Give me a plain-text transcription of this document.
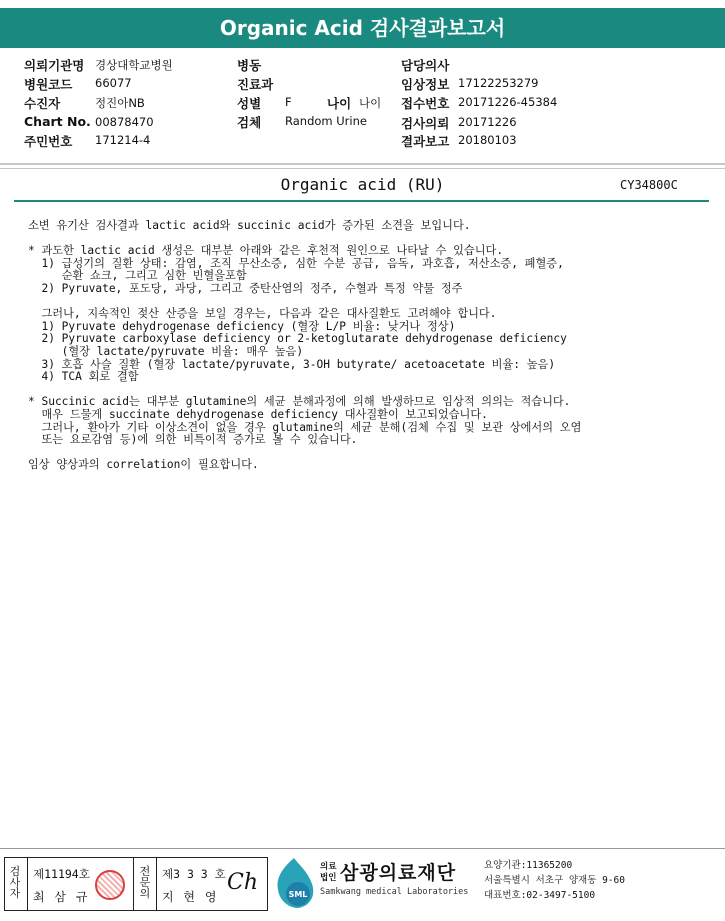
Organic Acid 검사결과보고서
의뢰기관명 경상대학교병원
병원코드 66077
수진자	정진아NB
Chart No. 00878470
주민번호 171214-4
병동
진료과
성별 F	나이 나이
검체 Random Urine
담당의사
임상정보 17122253279
접수번호 20171226-45384
검사의뢰 20171226
결과보고 20180103
Organic acid (RU)	CY34800C
소변 유기산 검사결과 lactic acid와 succinic acid가 증가된 소견을 보입니다.
* 과도한 lactic acid 생성은 대부분 아래와 같은 후천적 원인으로 나타날 수 있습니다.
1) 급성기의 질환 상태: 감염, 조직 무산소증, 심한 수분 공급, 음독, 과호흡, 저산소증, 폐혈증,
순환 쇼크, 그리고 심한 빈혈을포함
2) Pyruvate, 포도당, 과당, 그리고 중탄산염의 정주, 수혈과 특정 약물 정주
그러나, 지속적인 젖산 산증을 보일 경우는, 다음과 같은 대사질환도 고려해야 합니다.
1) Pyruvate dehydrogenase deficiency (혈장 L/P 비율: 낮거나 정상)
2) Pyruvate carboxylase deficiency or 2-ketoglutarate dehydrogenase deficiency
(혈장 lactate/pyruvate 비율: 매우 높음)
3) 호흡 사슬 질환 (혈장 lactate/pyruvate, 3-OH butyrate/ acetoacetate 비율: 높음)
4) TCA 회로 결함
* Succinic acid는 대부분 glutamine의 세균 분해과정에 의해 발생하므로 임상적 의의는 적습니다.
매우 드물게 succinate dehydrogenase deficiency 대사질환이 보고되었습니다.
그러나, 환아가 기타 이상소견이 없을 경우 glutamine의 세균 분해(검체 수집 및 보관 상에서의 오염
또는 요로감염 등)에 의한 비특이적 증가로 볼 수 있습니다.
임상 양상과의 correlation이 필요합니다.
검사자
제11194호
최 삼 규
전문의
제3 3 3 호
지 현 영
Ch	SML
의료
법인 삼광의료재단
Samkwang medical Laboratories
요양기관:11365200
서울특별시 서초구 양재동 9-60
대표번호:02-3497-5100
